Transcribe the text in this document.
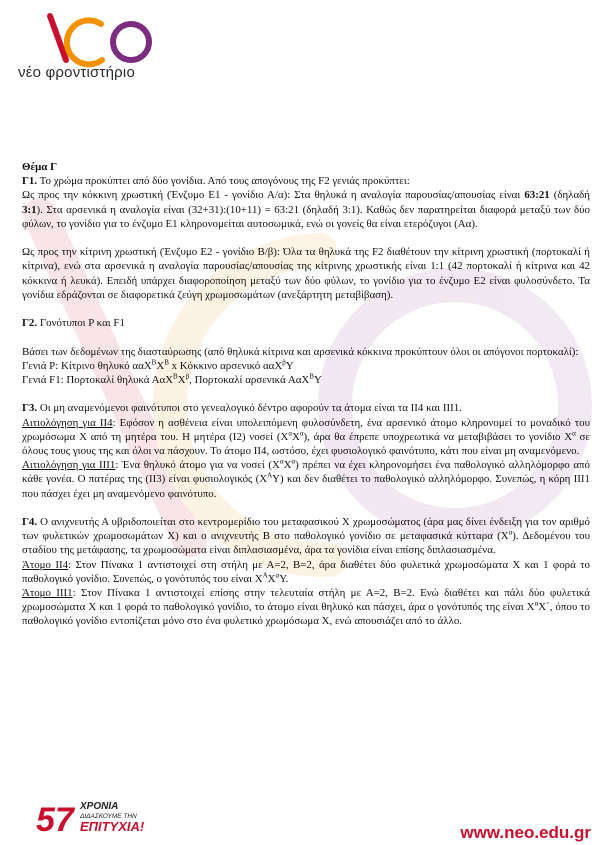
νέο φροντιστήριο

Θέμα Γ

Γ1. Το χρώμα προκύπτει από δύο γονίδια. Από τους απογόνους της F2 γενιάς προκύπτει:

Ως προς την κόκκινη χρωστική (Ένζυμο Ε1 - γονίδιο Α/α): Στα θηλυκά η αναλογία παρουσίας/απουσίας είναι 63:21 (δηλαδή 3:1). Στα αρσενικά η αναλογία είναι (32+31):(10+11) = 63:21 (δηλαδή 3:1). Καθώς δεν παρατηρείται διαφορά μεταξύ των δύο φύλων, το γονίδιο για το ένζυμο Ε1 κληρονομείται αυτοσωμικά, ενώ οι γονείς θα είναι ετερόζυγοι (Αα).

Ως προς την κίτρινη χρωστική (Ένζυμο Ε2 - γονίδιο Β/β): Όλα τα θηλυκά της F2 διαθέτουν την κίτρινη χρωστική (πορτοκαλί ή κίτρινα), ενώ στα αρσενικά η αναλογία παρουσίας/απουσίας της κίτρινης χρωστικής είναι 1:1 (42 πορτοκαλί ή κίτρινα και 42 κόκκινα ή λευκά). Επειδή υπάρχει διαφοροποίηση μεταξύ των δύο φύλων, το γονίδιο για το ένζυμο Ε2 είναι φυλοσύνδετο. Τα γονίδια εδράζονται σε διαφορετικά ζεύγη χρωμοσωμάτων (ανεξάρτητη μεταβίβαση).

Γ2. Γονότυποι P και F1

Βάσει των δεδομένων της διασταύρωσης (από θηλυκά κίτρινα και αρσενικά κόκκινα προκύπτουν όλοι οι απόγονοι πορτοκαλί):

Γενιά P: Κίτρινο θηλυκό $\alpha\alpha X^BX^B$ x Κόκκινο αρσενικό ααX$^\beta$Y

Γενιά F1: Πορτοκαλί θηλυκά $A\alpha X^BX^\beta$, Πορτοκαλί αρσενικά ΑαX$^B$Y

Γ3. Οι μη αναμενόμενοι φαινότυποι στο γενεαλογικό δέντρο αφορούν τα άτομα είναι τα ΙΙ4 και ΙΙΙ1.

Αιτιολόγηση για ΙΙ4: Εφόσον η ασθένεια είναι υπολειπόμενη φυλοσύνδετη, ένα αρσενικό άτομο κληρονομεί το μοναδικό του χρωμόσωμα Χ από τη μητέρα του. Η μητέρα (Ι2) νοσεί $(X^\alpha X^\alpha)$, άρα θα έπρεπε υποχρεωτικά να μεταβιβάσει το γονίδιο $X^\alpha$ σε όλους τους γιους της και όλοι να πάσχουν. Το άτομο ΙΙ4, ωστόσο, έχει φυσιολογικό φαινότυπο, κάτι που είναι μη αναμενόμενο.

Αιτιολόγηση για ΙΙΙ1: Ένα θηλυκό άτομο για να νοσεί $(X^\alpha X^\alpha)$ πρέπει να έχει κληρονομήσει ένα παθολογικό αλληλόμορφο από κάθε γονέα. Ο πατέρας της (ΙΙ3) είναι φυσιολογικός $(X^AY)$ και δεν διαθέτει το παθολογικό αλληλόμορφο. Συνεπώς, η κόρη ΙΙΙ1 που πάσχει έχει μη αναμενόμενο φαινότυπο.

Γ4. Ο ανιχνευτής Α υβριδοποιείται στο κεντρομερίδιο του μεταφασικού Χ χρωμοσώματος (άρα μας δίνει ένδειξη για τον αριθμό των φυλετικών χρωμοσωμάτων Χ) και ο ανιχνευτής Β στο παθολογικό γονίδιο σε μεταφασικά κύτταρα $(X^\alpha)$. Δεδομένου του σταδίου της μετάφασης, τα χρωμοσώματα είναι διπλασιασμένα, άρα τα γονίδια είναι επίσης διπλασιασμένα.

Άτομο ΙΙ4: Στον Πίνακα 1 αντιστοιχεί στη στήλη με Α=2, Β=2, άρα διαθέτει δύο φυλετικά χρωμοσώματα Χ και 1 φορά το παθολογικό γονίδιο. Συνεπώς, ο γονότυπός του είναι $X^AX^\alpha Y$.

Άτομο ΙΙΙ1: Στον Πίνακα 1 αντιστοιχεί επίσης στην τελευταία στήλη με Α=2, Β=2. Ενώ διαθέτει και πάλι δύο φυλετικά χρωμοσώματα Χ και 1 φορά το παθολογικό γονίδιο, το άτομο είναι θηλυκό και πάσχει, άρα ο γονότυπός της είναι $X^\alpha X΄$, όπου το παθολογικό γονίδιο εντοπίζεται μόνο στο ένα φυλετικό χρωμόσωμα Χ, ενώ απουσιάζει από το άλλο.

57 ΧΡΟΝΙΑ
ΔΙΔΑΣΚΟΥΜΕ ΤΗΝ
ΕΠΙΤΥΧΙΑ!	www.neo.edu.gr
